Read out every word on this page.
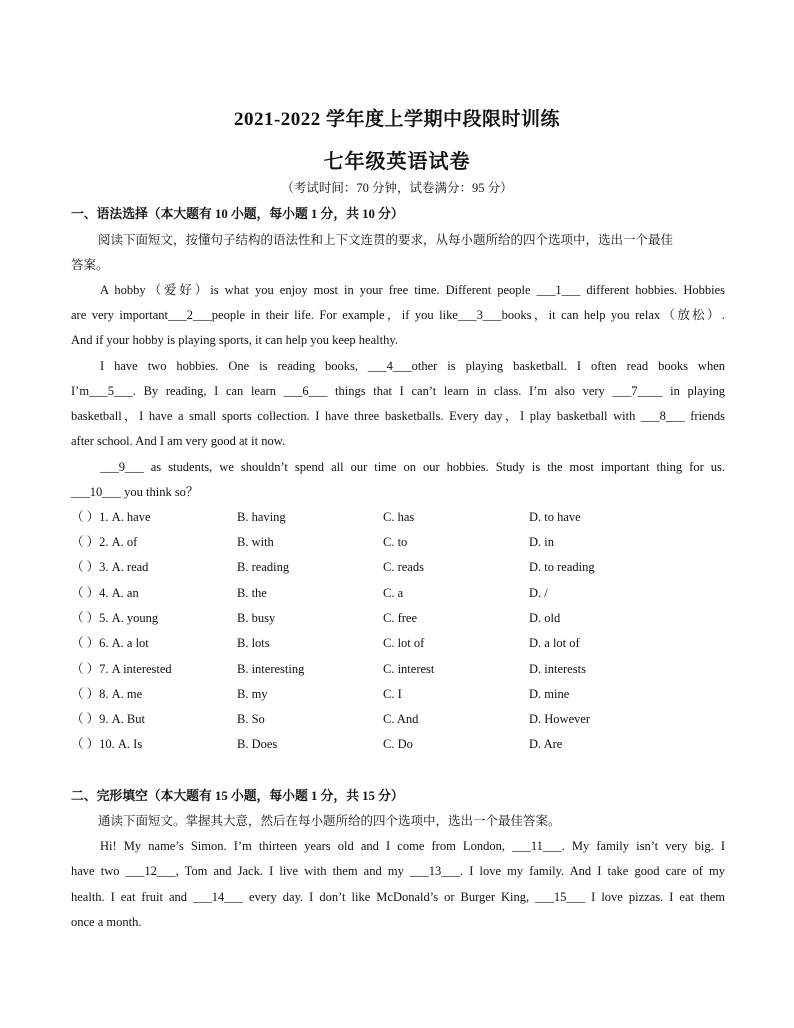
2021-2022 学年度上学期中段限时训练
七年级英语试卷
（考试时间：70 分钟，试卷满分：95 分）
一、语法选择（本大题有 10 小题，每小题 1 分，共 10 分）
阅读下面短文，按懂句子结构的语法性和上下文连贯的要求，从每小题所给的四个选项中，选出一个最佳
答案。
A hobby（爱好）is what you enjoy most in your free time. Different people ___1___ different hobbies. Hobbies
are very important___2___people in their life. For example，if you like___3___books，it can help you relax（放松）.
And if your hobby is playing sports, it can help you keep healthy.
I have two hobbies. One is reading books, ___4___other is playing basketball. I often read books when
I’m___5___. By reading, I can learn ___6___ things that I can’t learn in class. I’m also very ___7____ in playing
basketball，I have a small sports collection. I have three basketballs. Every day，I play basketball with ___8___ friends
after school. And I am very good at it now.
___9___ as students, we shouldn’t spend all our time on our hobbies. Study is the most important thing for us.
___10___ you think so？
（ ）1. A. have	B. having	C. has	D. to have
（ ）2. A. of	B. with	C. to	D. in
（ ）3. A. read	B. reading	C. reads	D. to reading
（ ）4. A. an	B. the	C. a	D. /
（ ）5. A. young	B. busy	C. free	D. old
（ ）6. A. a lot	B. lots	C. lot of	D. a lot of
（ ）7. A interested	B. interesting	C. interest	D. interests
（ ）8. A. me	B. my	C. I	D. mine
（ ）9. A. But	B. So	C. And	D. However
（ ）10. A. Is	B. Does	C. Do	D. Are
二、完形填空（本大题有 15 小题，每小题 1 分，共 15 分）
通读下面短文。掌握其大意，然后在每小题所给的四个选项中，选出一个最佳答案。
Hi! My name’s Simon. I’m thirteen years old and I come from London, ___11___. My family isn’t very big. I
have two ___12___, Tom and Jack. I live with them and my ___13___. I love my family. And I take good care of my
health. I eat fruit and ___14___ every day. I don’t like McDonald’s or Burger King, ___15___ I love pizzas. I eat them
once a month.
